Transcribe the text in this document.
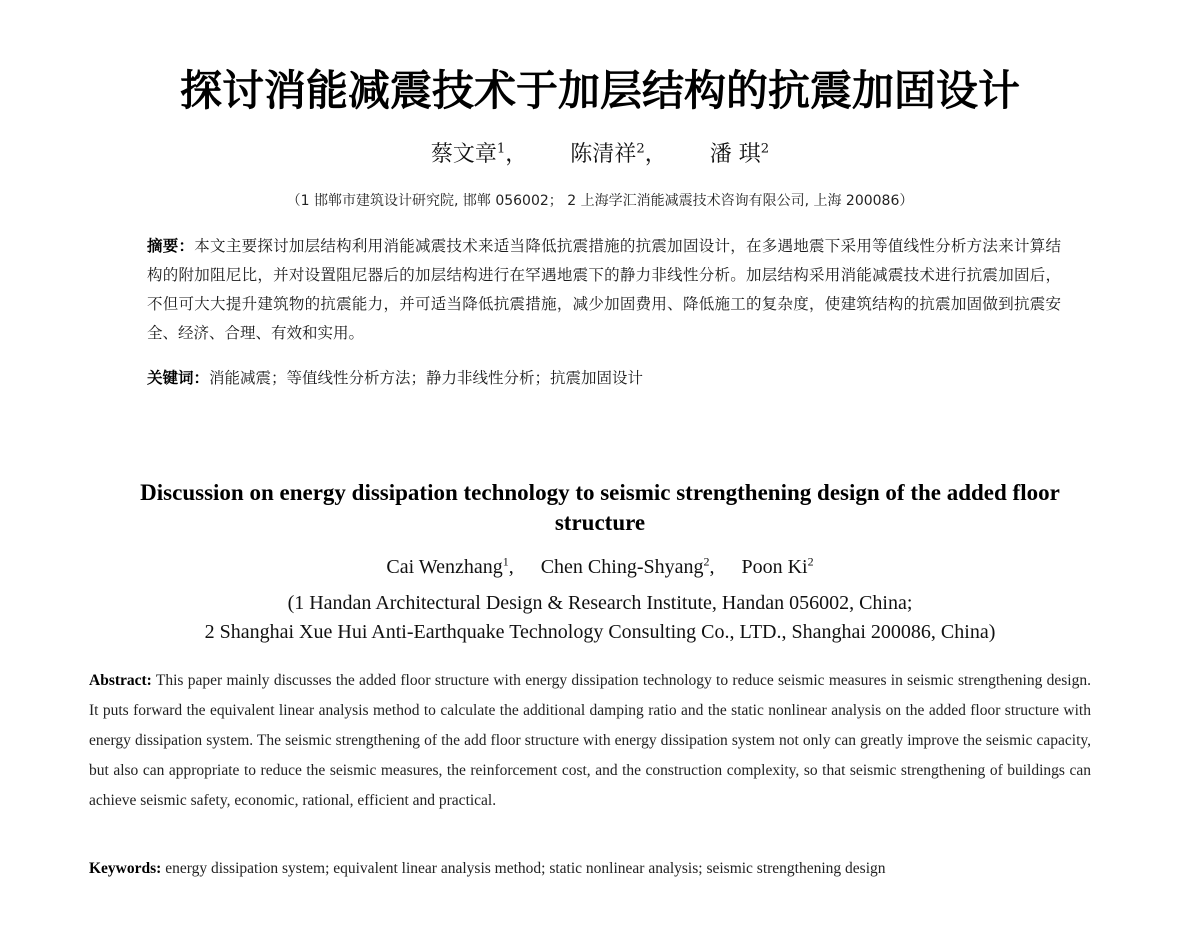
探讨消能减震技术于加层结构的抗震加固设计
蔡文章$^1$， 陈清祥$^2$， 潘 琪$^2$
（1 邯郸市建筑设计研究院, 邯郸 056002； 2 上海学汇消能减震技术咨询有限公司, 上海 200086）
摘要：本文主要探讨加层结构利用消能减震技术来适当降低抗震措施的抗震加固设计，在多遇地震下采用等值线性分析方法来计算结构的附加阻尼比，并对设置阻尼器后的加层结构进行在罕遇地震下的静力非线性分析。加层结构采用消能减震技术进行抗震加固后，不但可大大提升建筑物的抗震能力，并可适当降低抗震措施，减少加固费用、降低施工的复杂度，使建筑结构的抗震加固做到抗震安全、经济、合理、有效和实用。
关键词：消能减震；等值线性分析方法；静力非线性分析；抗震加固设计
Discussion on energy dissipation technology to seismic strengthening design of the added floor structure
Cai Wenzhang$^1$, Chen Ching-Shyang$^2$, Poon Ki$^2$
(1 Handan Architectural Design & Research Institute, Handan 056002, China;
2 Shanghai Xue Hui Anti-Earthquake Technology Consulting Co., LTD., Shanghai 200086, China)
Abstract: This paper mainly discusses the added floor structure with energy dissipation technology to reduce seismic measures in seismic strengthening design. It puts forward the equivalent linear analysis method to calculate the additional damping ratio and the static nonlinear analysis on the added floor structure with energy dissipation system. The seismic strengthening of the add floor structure with energy dissipation system not only can greatly improve the seismic capacity, but also can appropriate to reduce the seismic measures, the reinforcement cost, and the construction complexity, so that seismic strengthening of buildings can achieve seismic safety, economic, rational, efficient and practical.
Keywords: energy dissipation system; equivalent linear analysis method; static nonlinear analysis; seismic strengthening design
